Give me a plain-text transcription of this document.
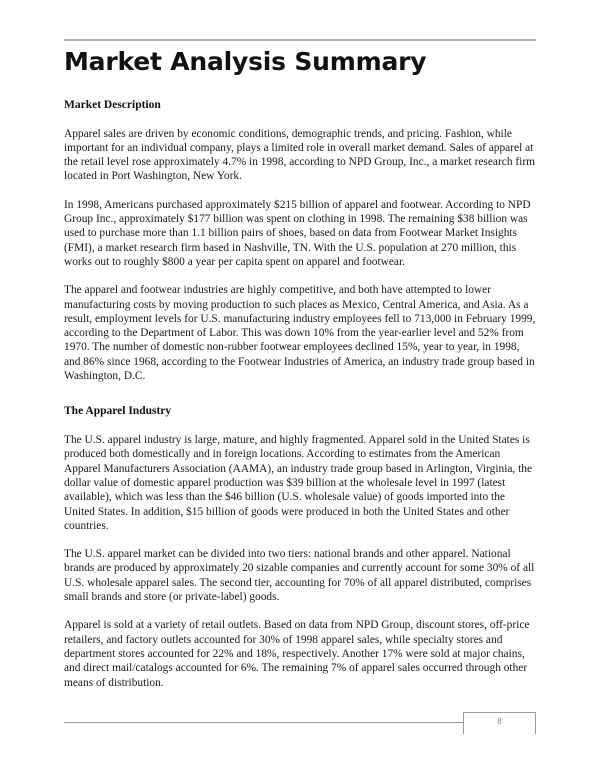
Market Analysis Summary
Market Description

Apparel sales are driven by economic conditions, demographic trends, and pricing. Fashion, while important for an individual company, plays a limited role in overall market demand. Sales of apparel at the retail level rose approximately 4.7% in 1998, according to NPD Group, Inc., a market research firm located in Port Washington, New York.

In 1998, Americans purchased approximately $215 billion of apparel and footwear. According to NPD Group Inc., approximately $177 billion was spent on clothing in 1998. The remaining $38 billion was used to purchase more than 1.1 billion pairs of shoes, based on data from Footwear Market Insights (FMI), a market research firm based in Nashville, TN. With the U.S. population at 270 million, this works out to roughly $800 a year per capita spent on apparel and footwear.

The apparel and footwear industries are highly competitive, and both have attempted to lower manufacturing costs by moving production to such places as Mexico, Central America, and Asia. As a result, employment levels for U.S. manufacturing industry employees fell to 713,000 in February 1999, according to the Department of Labor. This was down 10% from the year-earlier level and 52% from 1970. The number of domestic non-rubber footwear employees declined 15%, year to year, in 1998, and 86% since 1968, according to the Footwear Industries of America, an industry trade group based in Washington, D.C.

The Apparel Industry

The U.S. apparel industry is large, mature, and highly fragmented. Apparel sold in the United States is produced both domestically and in foreign locations. According to estimates from the American Apparel Manufacturers Association (AAMA), an industry trade group based in Arlington, Virginia, the dollar value of domestic apparel production was $39 billion at the wholesale level in 1997 (latest available), which was less than the $46 billion (U.S. wholesale value) of goods imported into the United States. In addition, $15 billion of goods were produced in both the United States and other countries.

The U.S. apparel market can be divided into two tiers: national brands and other apparel. National brands are produced by approximately 20 sizable companies and currently account for some 30% of all U.S. wholesale apparel sales. The second tier, accounting for 70% of all apparel distributed, comprises small brands and store (or private-label) goods.

Apparel is sold at a variety of retail outlets. Based on data from NPD Group, discount stores, off-price retailers, and factory outlets accounted for 30% of 1998 apparel sales, while specialty stores and department stores accounted for 22% and 18%, respectively. Another 17% were sold at major chains, and direct mail/catalogs accounted for 6%. The remaining 7% of apparel sales occurred through other means of distribution.

8
